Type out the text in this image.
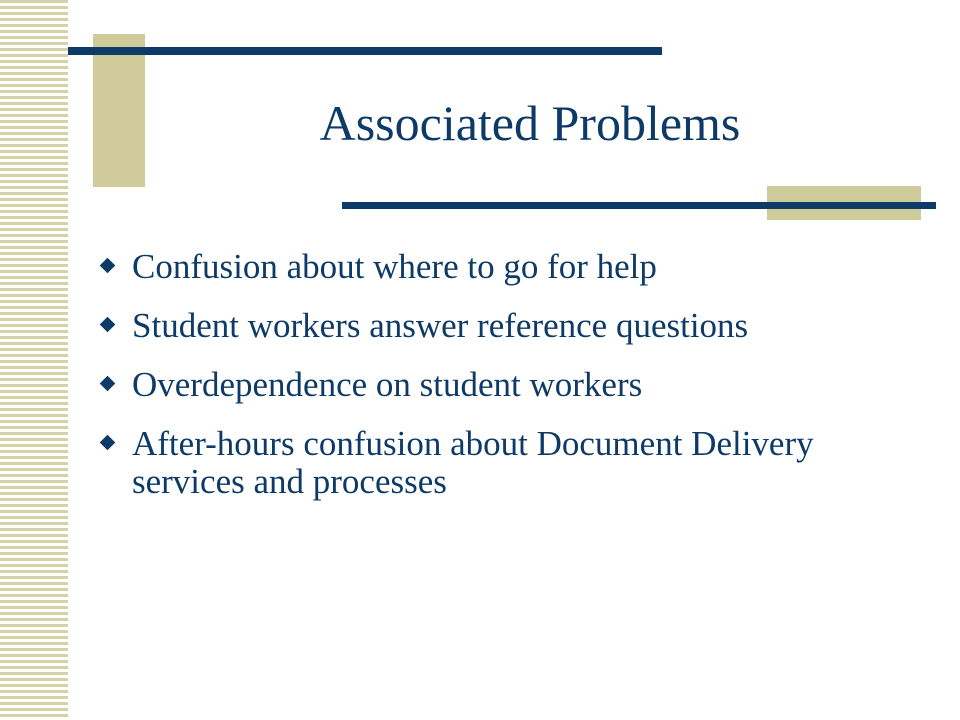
Associated Problems
Confusion about where to go for help
Student workers answer reference questions
Overdependence on student workers
After-hours confusion about Document Delivery services and processes
